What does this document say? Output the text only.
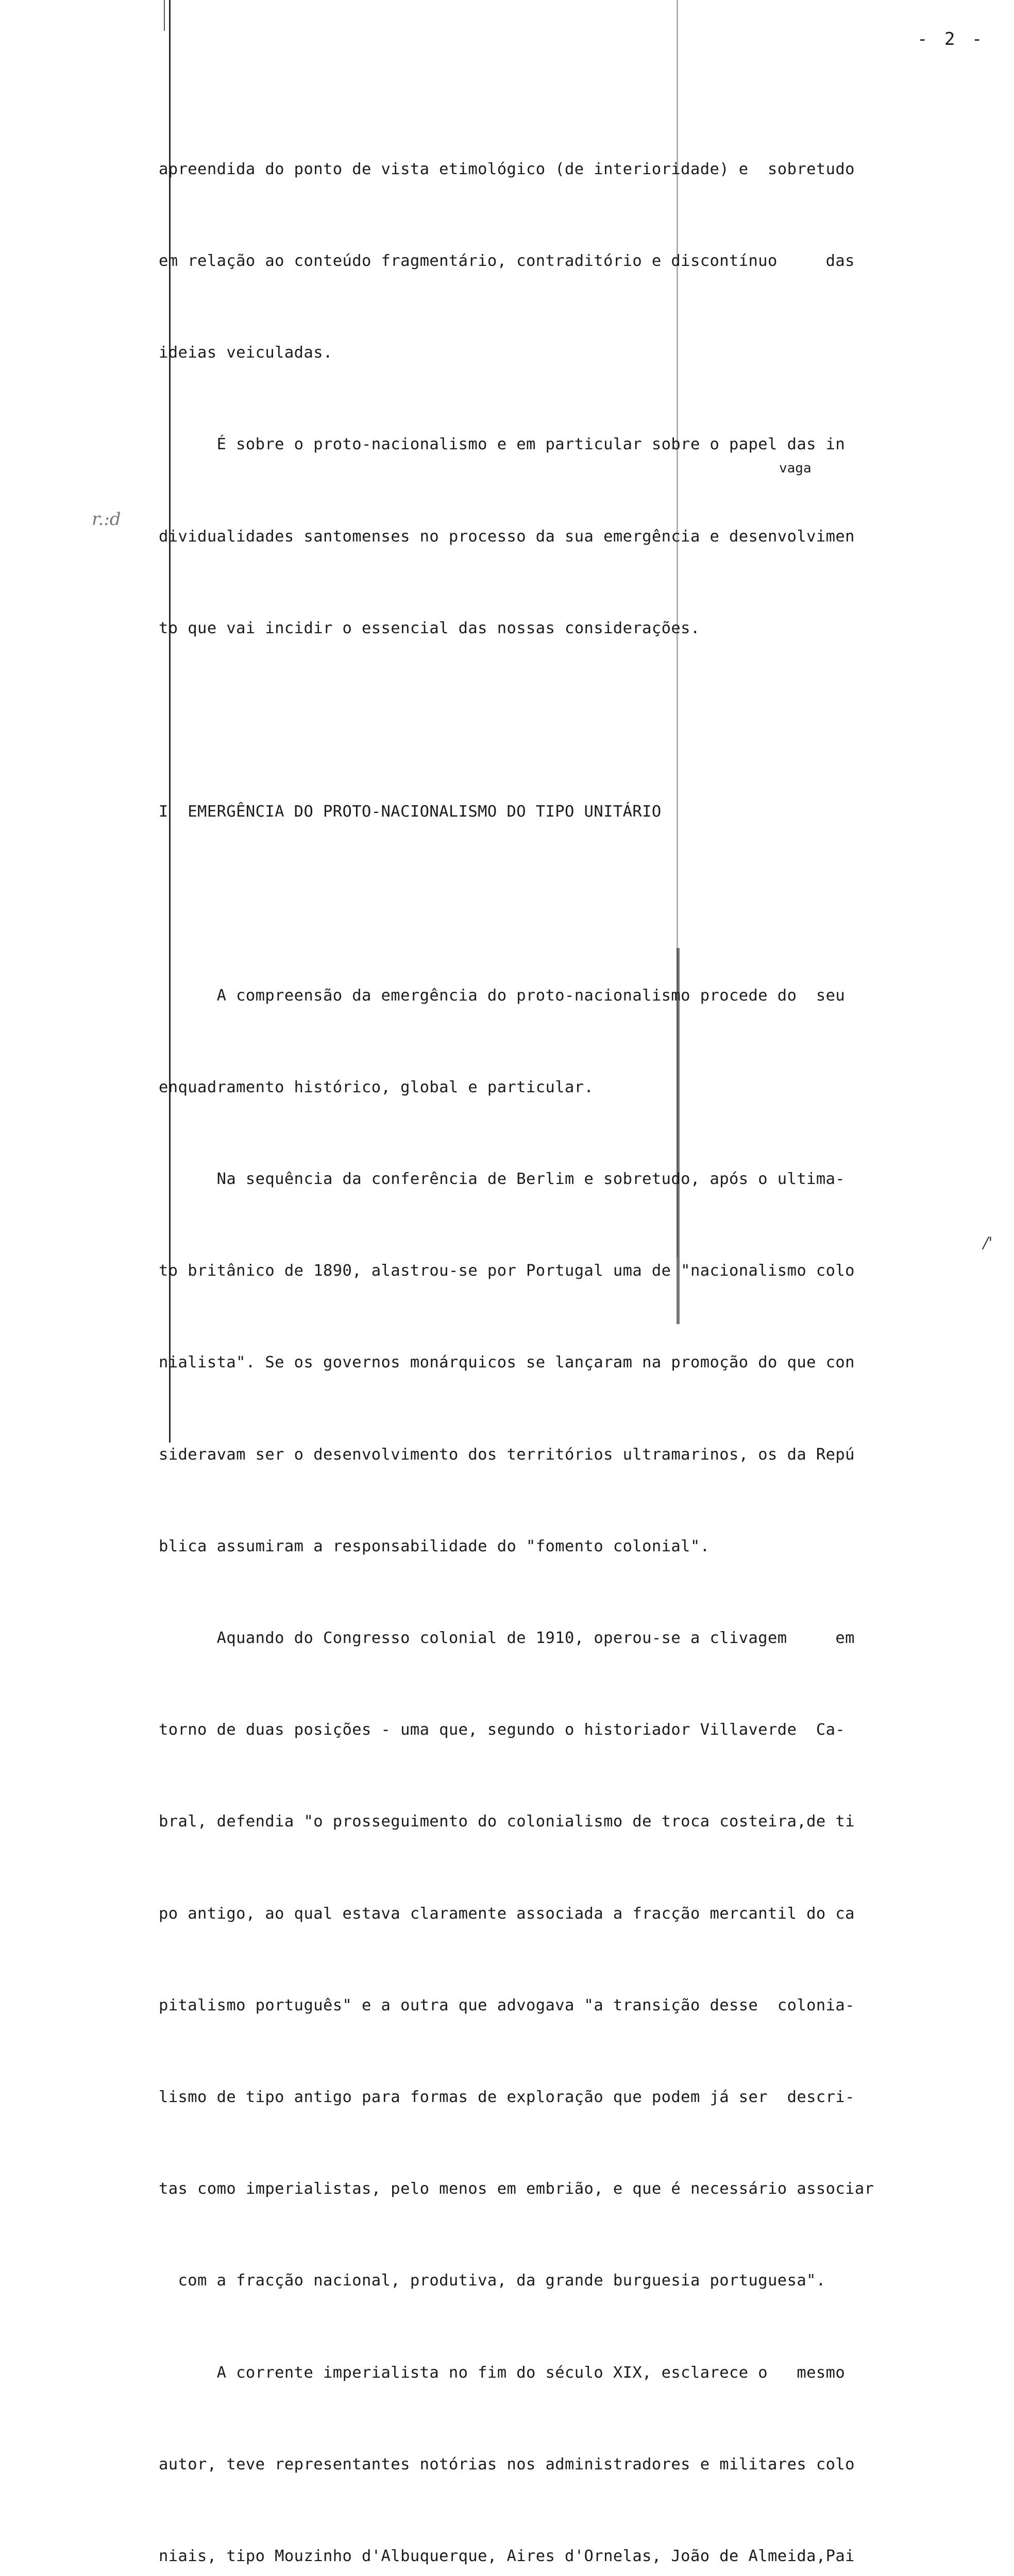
- 2 -
r.:d
/'
vaga

apreendida do ponto de vista etimológico (de interioridade) e  sobretudo

em relação ao conteúdo fragmentário, contraditório e discontínuo     das

ideias veiculadas.

É sobre o proto-nacionalismo e em particular sobre o papel das in

dividualidades santomenses no processo da sua emergência e desenvolvimen

to que vai incidir o essencial das nossas considerações.

I  EMERGÊNCIA DO PROTO-NACIONALISMO DO TIPO UNITÁRIO

A compreensão da emergência do proto-nacionalismo procede do  seu

enquadramento histórico, global e particular.

Na sequência da conferência de Berlim e sobretudo, após o ultima-

to britânico de 1890, alastrou-se por Portugal uma de "nacionalismo colo

nialista". Se os governos monárquicos se lançaram na promoção do que con

sideravam ser o desenvolvimento dos territórios ultramarinos, os da Repú

blica assumiram a responsabilidade do "fomento colonial".

Aquando do Congresso colonial de 1910, operou-se a clivagem     em

torno de duas posições - uma que, segundo o historiador Villaverde  Ca-

bral, defendia "o prosseguimento do colonialismo de troca costeira,de ti

po antigo, ao qual estava claramente associada a fracção mercantil do ca

pitalismo português" e a outra que advogava "a transição desse  colonia-

lismo de tipo antigo para formas de exploração que podem já ser  descri-

tas como imperialistas, pelo menos em embrião, e que é necessário associar

com a fracção nacional, produtiva, da grande burguesia portuguesa".

A corrente imperialista no fim do século XIX, esclarece o   mesmo

autor, teve representantes notórias nos administradores e militares colo

niais, tipo Mouzinho d'Albuquerque, Aires d'Ornelas, João de Almeida,Pai
